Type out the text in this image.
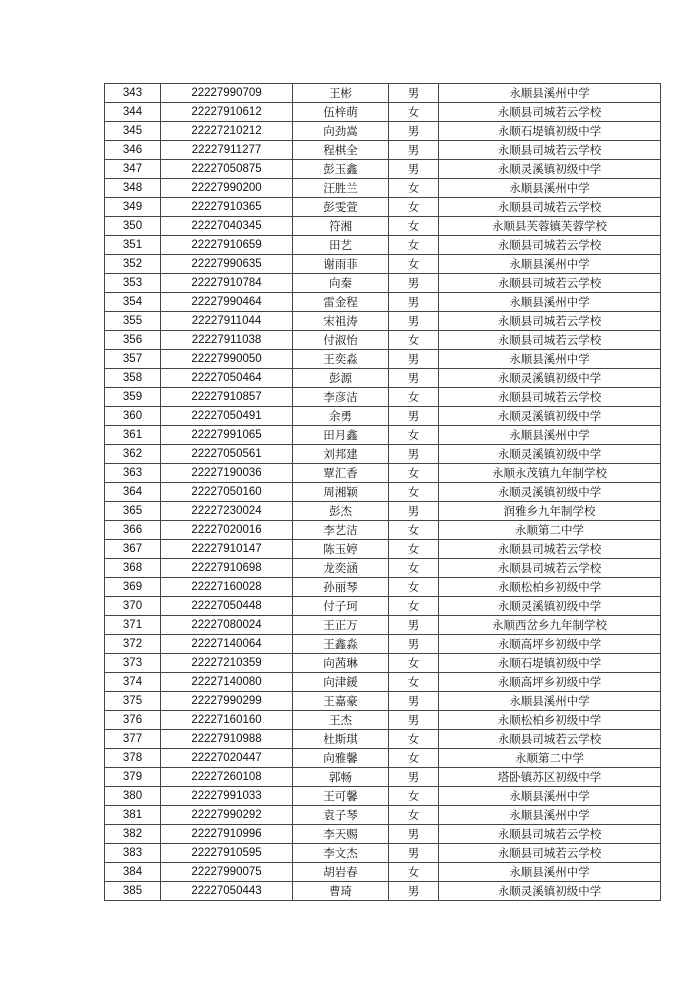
343	22227990709	王彬	男	永顺县溪州中学
344	22227910612	伍梓萌	女	永顺县司城若云学校
345	22227210212	向劲嵩	男	永顺石堤镇初级中学
346	22227911277	程棋全	男	永顺县司城若云学校
347	22227050875	彭玉鑫	男	永顺灵溪镇初级中学
348	22227990200	汪胜兰	女	永顺县溪州中学
349	22227910365	彭雯萱	女	永顺县司城若云学校
350	22227040345	符湘	女	永顺县芙蓉镇芙蓉学校
351	22227910659	田艺	女	永顺县司城若云学校
352	22227990635	谢雨菲	女	永顺县溪州中学
353	22227910784	向秦	男	永顺县司城若云学校
354	22227990464	雷金程	男	永顺县溪州中学
355	22227911044	宋祖涛	男	永顺县司城若云学校
356	22227911038	付淑怡	女	永顺县司城若云学校
357	22227990050	王奕淼	男	永顺县溪州中学
358	22227050464	彭源	男	永顺灵溪镇初级中学
359	22227910857	李彦洁	女	永顺县司城若云学校
360	22227050491	余勇	男	永顺灵溪镇初级中学
361	22227991065	田月鑫	女	永顺县溪州中学
362	22227050561	刘邦建	男	永顺灵溪镇初级中学
363	22227190036	覃汇香	女	永顺永茂镇九年制学校
364	22227050160	周湘颖	女	永顺灵溪镇初级中学
365	22227230024	彭杰	男	润雅乡九年制学校
366	22227020016	李艺洁	女	永顺第二中学
367	22227910147	陈玉婷	女	永顺县司城若云学校
368	22227910698	龙奕涵	女	永顺县司城若云学校
369	22227160028	孙丽琴	女	永顺松柏乡初级中学
370	22227050448	付子珂	女	永顺灵溪镇初级中学
371	22227080024	王正万	男	永顺西岔乡九年制学校
372	22227140064	王鑫淼	男	永顺高坪乡初级中学
373	22227210359	向茜琳	女	永顺石堤镇初级中学
374	22227140080	向津鍰	女	永顺高坪乡初级中学
375	22227990299	王嘉豪	男	永顺县溪州中学
376	22227160160	王杰	男	永顺松柏乡初级中学
377	22227910988	杜斯琪	女	永顺县司城若云学校
378	22227020447	向雅馨	女	永顺第二中学
379	22227260108	郭畅	男	塔卧镇苏区初级中学
380	22227991033	王可馨	女	永顺县溪州中学
381	22227990292	袁子琴	女	永顺县溪州中学
382	22227910996	李天赐	男	永顺县司城若云学校
383	22227910595	李文杰	男	永顺县司城若云学校
384	22227990075	胡岩春	女	永顺县溪州中学
385	22227050443	曹琦	男	永顺灵溪镇初级中学
